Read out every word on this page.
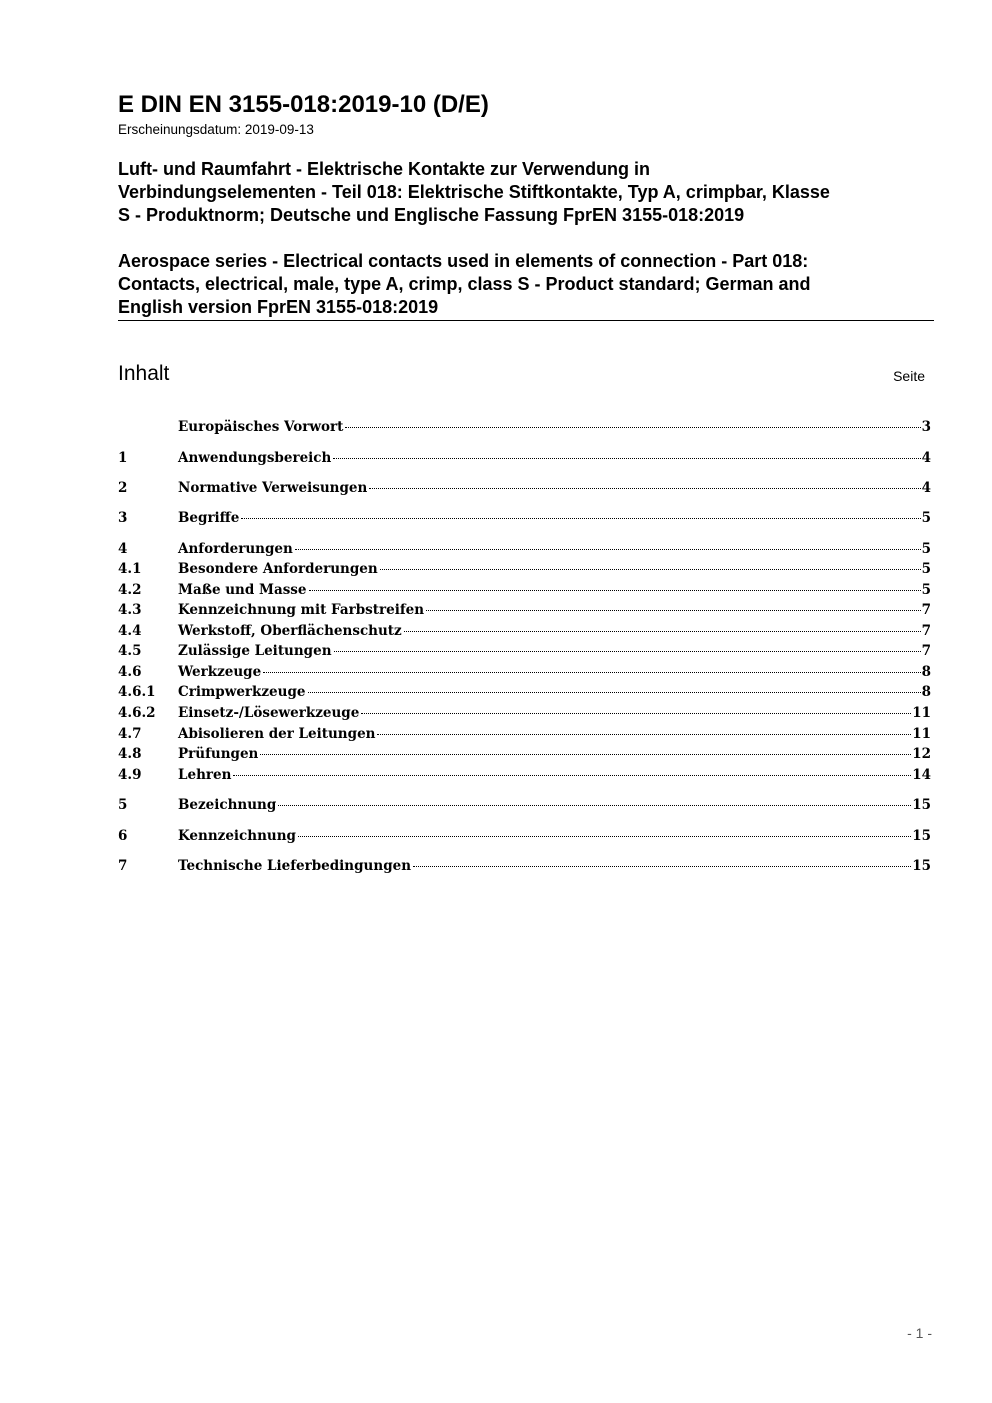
E DIN EN 3155-018:2019-10 (D/E)
Erscheinungsdatum: 2019-09-13
Luft- und Raumfahrt - Elektrische Kontakte zur Verwendung in
Verbindungselementen - Teil 018: Elektrische Stiftkontakte, Typ A, crimpbar, Klasse
S - Produktnorm; Deutsche und Englische Fassung FprEN 3155-018:2019
Aerospace series - Electrical contacts used in elements of connection - Part 018:
Contacts, electrical, male, type A, crimp, class S - Product standard; German and
English version FprEN 3155-018:2019
Inhalt	Seite
Europäisches Vorwort	3
1	Anwendungsbereich	4
2	Normative Verweisungen	4
3	Begriffe	5
4	Anforderungen	5
4.1	Besondere Anforderungen	5
4.2	Maße und Masse	5
4.3	Kennzeichnung mit Farbstreifen	7
4.4	Werkstoff, Oberflächenschutz	7
4.5	Zulässige Leitungen	7
4.6	Werkzeuge	8
4.6.1	Crimpwerkzeuge	8
4.6.2	Einsetz-/Lösewerkzeuge	11
4.7	Abisolieren der Leitungen	11
4.8	Prüfungen	12
4.9	Lehren	14
5	Bezeichnung	15
6	Kennzeichnung	15
7	Technische Lieferbedingungen	15
- 1 -
